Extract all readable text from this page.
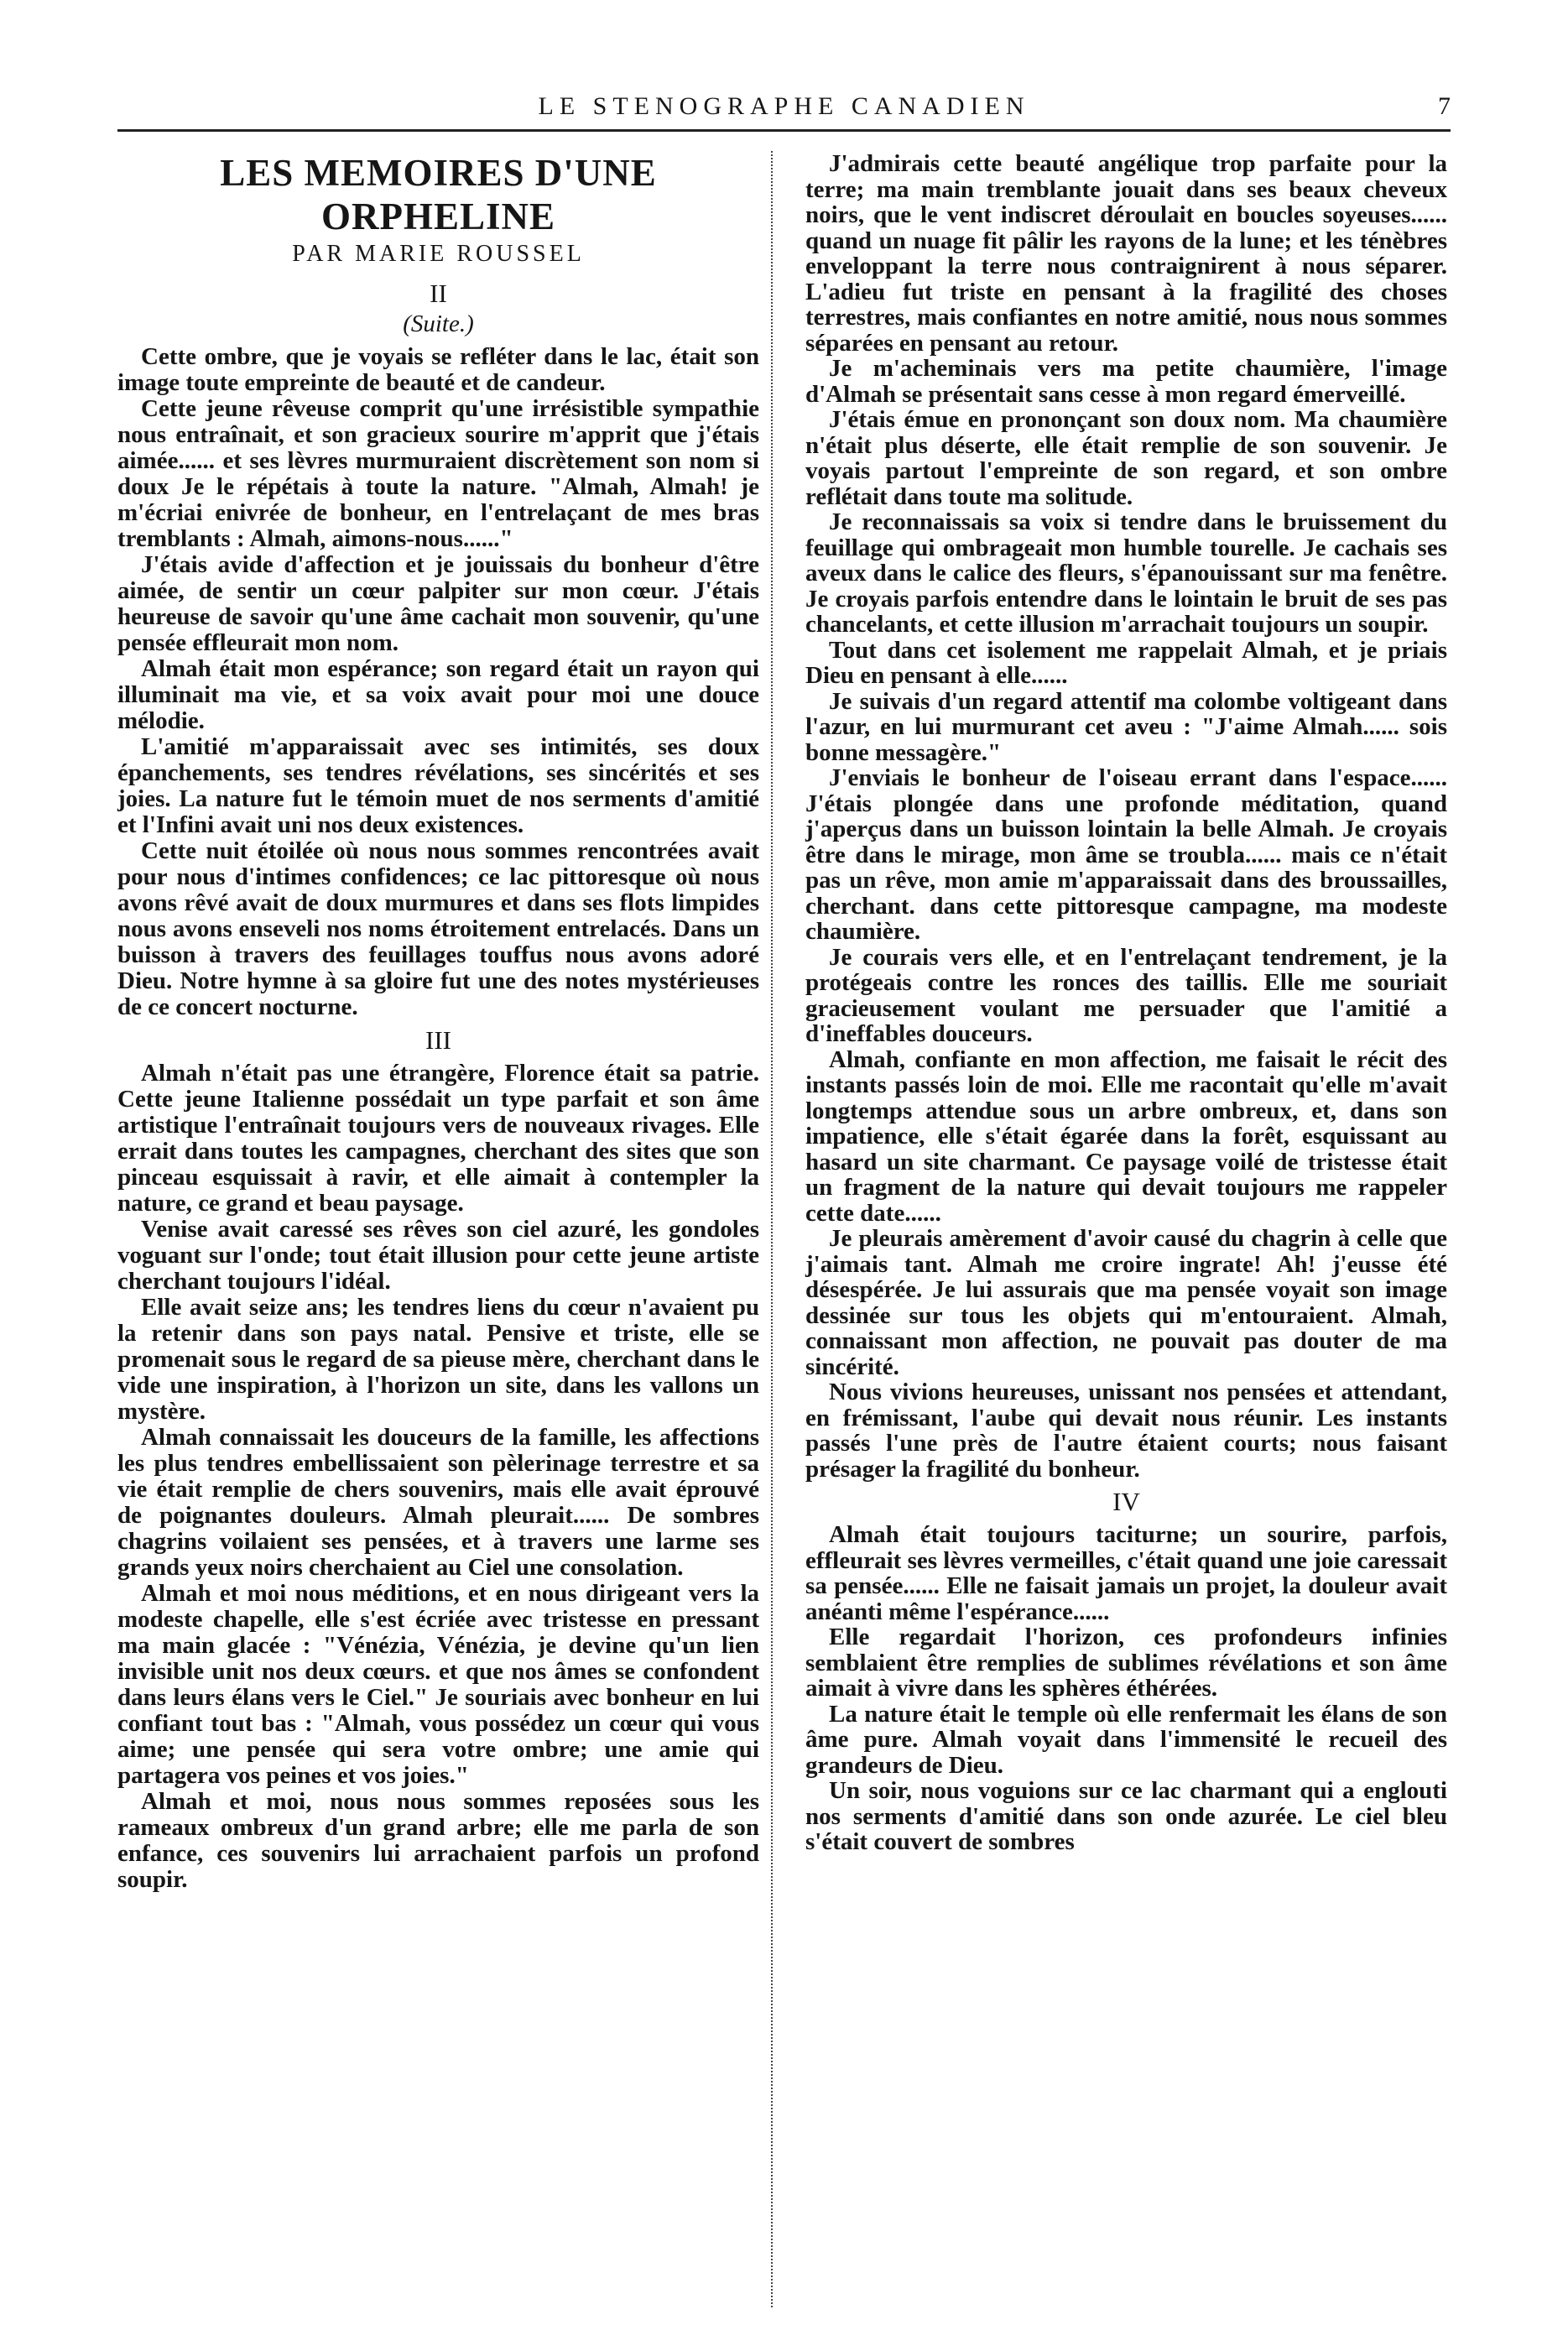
LE STENOGRAPHE CANADIEN	7
LES MEMOIRES D'UNE ORPHELINE
PAR MARIE ROUSSEL
II
(Suite.)

Cette ombre, que je voyais se refléter dans le lac, était son image toute empreinte de beauté et de candeur.

Cette jeune rêveuse comprit qu'une irrésistible sympathie nous entraînait, et son gracieux sourire m'apprit que j'étais aimée...... et ses lèvres murmuraient discrètement son nom si doux Je le répétais à toute la nature. "Almah, Almah! je m'écriai enivrée de bonheur, en l'entrelaçant de mes bras tremblants : Almah, aimons-nous......"

J'étais avide d'affection et je jouissais du bonheur d'être aimée, de sentir un cœur palpiter sur mon cœur. J'étais heureuse de savoir qu'une âme cachait mon souvenir, qu'une pensée effleurait mon nom.

Almah était mon espérance; son regard était un rayon qui illuminait ma vie, et sa voix avait pour moi une douce mélodie.

L'amitié m'apparaissait avec ses intimités, ses doux épanchements, ses tendres révélations, ses sincérités et ses joies. La nature fut le témoin muet de nos serments d'amitié et l'Infini avait uni nos deux existences.

Cette nuit étoilée où nous nous sommes rencontrées avait pour nous d'intimes confidences; ce lac pittoresque où nous avons rêvé avait de doux murmures et dans ses flots limpides nous avons enseveli nos noms étroitement entrelacés. Dans un buisson à travers des feuillages touffus nous avons adoré Dieu. Notre hymne à sa gloire fut une des notes mystérieuses de ce concert nocturne.

III

Almah n'était pas une étrangère, Florence était sa patrie. Cette jeune Italienne possédait un type parfait et son âme artistique l'entraînait toujours vers de nouveaux rivages. Elle errait dans toutes les campagnes, cherchant des sites que son pinceau esquissait à ravir, et elle aimait à contempler la nature, ce grand et beau paysage.

Venise avait caressé ses rêves son ciel azuré, les gondoles voguant sur l'onde; tout était illusion pour cette jeune artiste cherchant toujours l'idéal.

Elle avait seize ans; les tendres liens du cœur n'avaient pu la retenir dans son pays natal. Pensive et triste, elle se promenait sous le regard de sa pieuse mère, cherchant dans le vide une inspiration, à l'horizon un site, dans les vallons un mystère.

Almah connaissait les douceurs de la famille, les affections les plus tendres embellissaient son pèlerinage terrestre et sa vie était remplie de chers souvenirs, mais elle avait éprouvé de poignantes douleurs. Almah pleurait...... De sombres chagrins voilaient ses pensées, et à travers une larme ses grands yeux noirs cherchaient au Ciel une consolation.

Almah et moi nous méditions, et en nous dirigeant vers la modeste chapelle, elle s'est écriée avec tristesse en pressant ma main glacée : "Vénézia, Vénézia, je devine qu'un lien invisible unit nos deux cœurs. et que nos âmes se confondent dans leurs élans vers le Ciel." Je souriais avec bonheur en lui confiant tout bas : "Almah, vous possédez un cœur qui vous aime; une pensée qui sera votre ombre; une amie qui partagera vos peines et vos joies."

Almah et moi, nous nous sommes reposées sous les rameaux ombreux d'un grand arbre; elle me parla de son enfance, ces souvenirs lui arrachaient parfois un profond soupir.

J'admirais cette beauté angélique trop parfaite pour la terre; ma main tremblante jouait dans ses beaux cheveux noirs, que le vent indiscret déroulait en boucles soyeuses...... quand un nuage fit pâlir les rayons de la lune; et les ténèbres enveloppant la terre nous contraignirent à nous séparer. L'adieu fut triste en pensant à la fragilité des choses terrestres, mais confiantes en notre amitié, nous nous sommes séparées en pensant au retour.

Je m'acheminais vers ma petite chaumière, l'image d'Almah se présentait sans cesse à mon regard émerveillé.

J'étais émue en prononçant son doux nom. Ma chaumière n'était plus déserte, elle était remplie de son souvenir. Je voyais partout l'empreinte de son regard, et son ombre reflétait dans toute ma solitude.

Je reconnaissais sa voix si tendre dans le bruissement du feuillage qui ombrageait mon humble tourelle. Je cachais ses aveux dans le calice des fleurs, s'épanouissant sur ma fenêtre. Je croyais parfois entendre dans le lointain le bruit de ses pas chancelants, et cette illusion m'arrachait toujours un soupir.

Tout dans cet isolement me rappelait Almah, et je priais Dieu en pensant à elle......

Je suivais d'un regard attentif ma colombe voltigeant dans l'azur, en lui murmurant cet aveu : "J'aime Almah...... sois bonne messagère."

J'enviais le bonheur de l'oiseau errant dans l'espace...... J'étais plongée dans une profonde méditation, quand j'aperçus dans un buisson lointain la belle Almah. Je croyais être dans le mirage, mon âme se troubla...... mais ce n'était pas un rêve, mon amie m'apparaissait dans des broussailles, cherchant. dans cette pittoresque campagne, ma modeste chaumière.

Je courais vers elle, et en l'entrelaçant tendrement, je la protégeais contre les ronces des taillis. Elle me souriait gracieusement voulant me persuader que l'amitié a d'ineffables douceurs.

Almah, confiante en mon affection, me faisait le récit des instants passés loin de moi. Elle me racontait qu'elle m'avait longtemps attendue sous un arbre ombreux, et, dans son impatience, elle s'était égarée dans la forêt, esquissant au hasard un site charmant. Ce paysage voilé de tristesse était un fragment de la nature qui devait toujours me rappeler cette date......

Je pleurais amèrement d'avoir causé du chagrin à celle que j'aimais tant. Almah me croire ingrate! Ah! j'eusse été désespérée. Je lui assurais que ma pensée voyait son image dessinée sur tous les objets qui m'entouraient. Almah, connaissant mon affection, ne pouvait pas douter de ma sincérité.

Nous vivions heureuses, unissant nos pensées et attendant, en frémissant, l'aube qui devait nous réunir. Les instants passés l'une près de l'autre étaient courts; nous faisant présager la fragilité du bonheur.

IV

Almah était toujours taciturne; un sourire, parfois, effleurait ses lèvres vermeilles, c'était quand une joie caressait sa pensée...... Elle ne faisait jamais un projet, la douleur avait anéanti même l'espérance......

Elle regardait l'horizon, ces profondeurs infinies semblaient être remplies de sublimes révélations et son âme aimait à vivre dans les sphères éthérées.

La nature était le temple où elle renfermait les élans de son âme pure. Almah voyait dans l'immensité le recueil des grandeurs de Dieu.

Un soir, nous voguions sur ce lac charmant qui a englouti nos serments d'amitié dans son onde azurée. Le ciel bleu s'était couvert de sombres
